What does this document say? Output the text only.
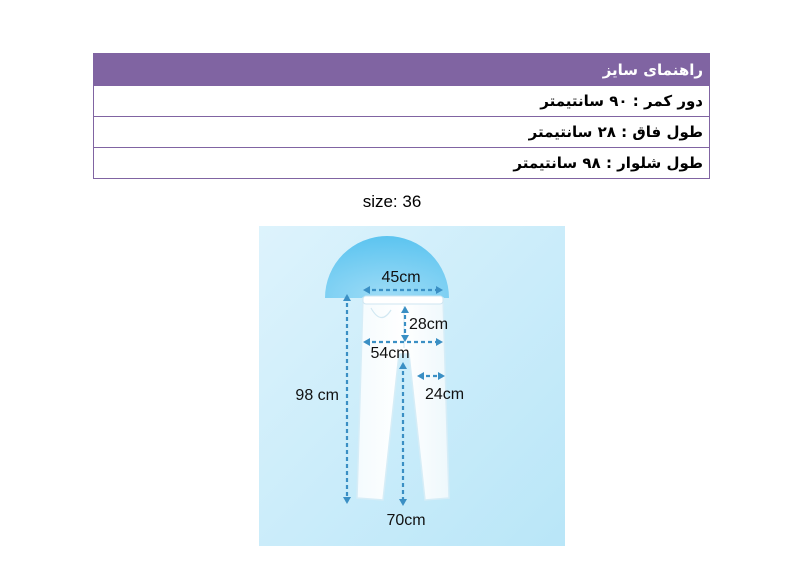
راهنمای سایز
دور کمر : ۹۰ سانتیمتر
طول فاق : ۲۸ سانتیمتر
طول شلوار : ۹۸ سانتیمتر
size: 36
45cm
28cm
54cm
24cm
98 cm
70cm
